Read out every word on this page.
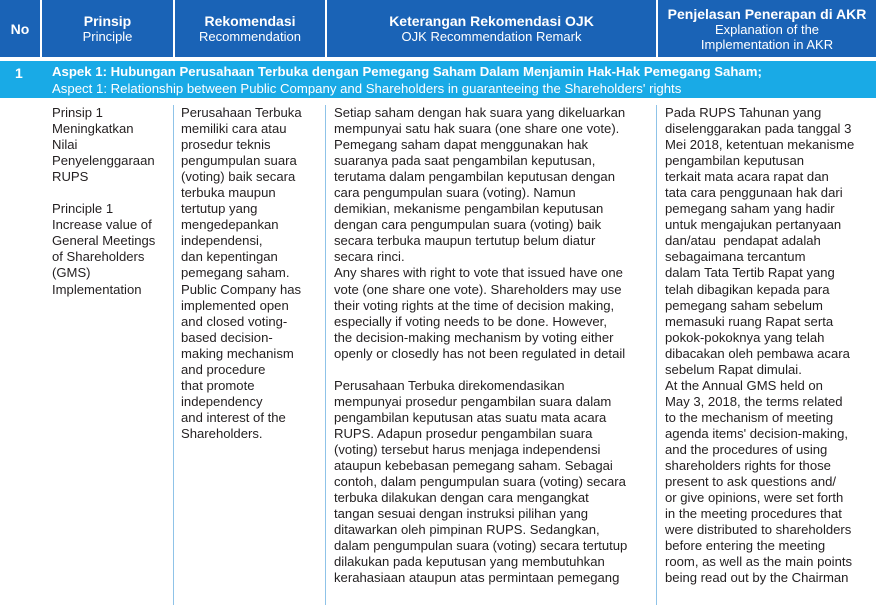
No	Prinsip
Principle
Rekomendasi
Recommendation
Keterangan Rekomendasi OJK
OJK Recommendation Remark
Penjelasan Penerapan di AKR
Explanation of the
Implementation in AKR
1 Aspek 1: Hubungan Perusahaan Terbuka dengan Pemegang Saham Dalam Menjamin Hak-Hak Pemegang Saham;
Aspect 1: Relationship between Public Company and Shareholders in guaranteeing the Shareholders' rights
Prinsip 1
Meningkatkan
Nilai
Penyelenggaraan
RUPS

Principle 1
Increase value of
General Meetings
of Shareholders
(GMS)
Implementation
Perusahaan Terbuka
memiliki cara atau
prosedur teknis
pengumpulan suara
(voting) baik secara
terbuka maupun
tertutup yang
mengedepankan
independensi,
dan kepentingan
pemegang saham.
Public Company has
implemented open
and closed voting-
based decision-
making mechanism
and procedure
that promote
independency
and interest of the
Shareholders.
Setiap saham dengan hak suara yang dikeluarkan
mempunyai satu hak suara (one share one vote).
Pemegang saham dapat menggunakan hak
suaranya pada saat pengambilan keputusan,
terutama dalam pengambilan keputusan dengan
cara pengumpulan suara (voting). Namun
demikian, mekanisme pengambilan keputusan
dengan cara pengumpulan suara (voting) baik
secara terbuka maupun tertutup belum diatur
secara rinci.
Any shares with right to vote that issued have one
vote (one share one vote). Shareholders may use
their voting rights at the time of decision making,
especially if voting needs to be done. However,
the decision-making mechanism by voting either
openly or closedly has not been regulated in detail

Perusahaan Terbuka direkomendasikan
mempunyai prosedur pengambilan suara dalam
pengambilan keputusan atas suatu mata acara
RUPS. Adapun prosedur pengambilan suara
(voting) tersebut harus menjaga independensi
ataupun kebebasan pemegang saham. Sebagai
contoh, dalam pengumpulan suara (voting) secara
terbuka dilakukan dengan cara mengangkat
tangan sesuai dengan instruksi pilihan yang
ditawarkan oleh pimpinan RUPS. Sedangkan,
dalam pengumpulan suara (voting) secara tertutup
dilakukan pada keputusan yang membutuhkan
kerahasiaan ataupun atas permintaan pemegang
Pada RUPS Tahunan yang
diselenggarakan pada tanggal 3
Mei 2018, ketentuan mekanisme
pengambilan keputusan
terkait mata acara rapat dan
tata cara penggunaan hak dari
pemegang saham yang hadir
untuk mengajukan pertanyaan
dan/atau  pendapat adalah
sebagaimana tercantum
dalam Tata Tertib Rapat yang
telah dibagikan kepada para
pemegang saham sebelum
memasuki ruang Rapat serta
pokok-pokoknya yang telah
dibacakan oleh pembawa acara
sebelum Rapat dimulai.
At the Annual GMS held on
May 3, 2018, the terms related
to the mechanism of meeting
agenda items' decision-making,
and the procedures of using
shareholders rights for those
present to ask questions and/
or give opinions, were set forth
in the meeting procedures that
were distributed to shareholders
before entering the meeting
room, as well as the main points
being read out by the Chairman
